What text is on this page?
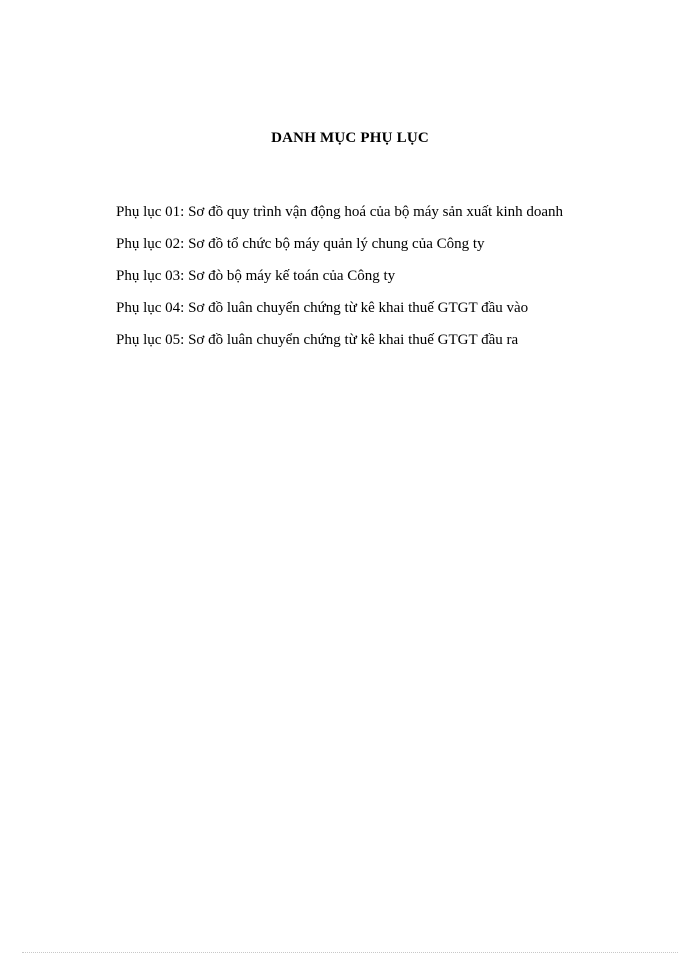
DANH MỤC PHỤ LỤC
Phụ lục 01: Sơ đồ quy trình vận động hoá của bộ máy sản xuất kinh doanh
Phụ lục 02: Sơ đồ tổ chức bộ máy quản lý chung của Công ty
Phụ lục 03: Sơ đò bộ máy kế toán của Công ty
Phụ lục 04: Sơ đồ luân chuyển chứng từ kê khai thuế GTGT đầu vào
Phụ lục 05: Sơ đồ luân chuyển chứng từ kê khai thuế GTGT đầu ra
